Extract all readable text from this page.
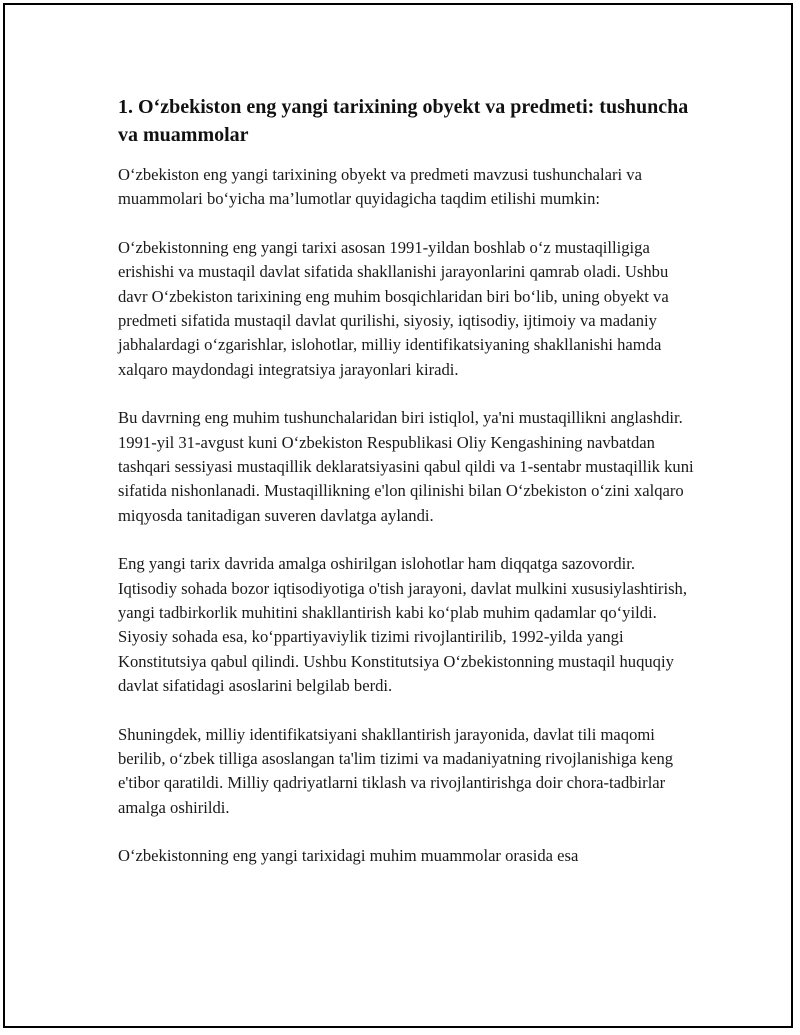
1. O‘zbekiston eng yangi tarixining obyekt va predmeti: tushuncha va muammolar

O‘zbekiston eng yangi tarixining obyekt va predmeti mavzusi tushunchalari va muammolari bo‘yicha ma’lumotlar quyidagicha taqdim etilishi mumkin:

O‘zbekistonning eng yangi tarixi asosan 1991-yildan boshlab o‘z mustaqilligiga erishishi va mustaqil davlat sifatida shakllanishi jarayonlarini qamrab oladi. Ushbu davr O‘zbekiston tarixining eng muhim bosqichlaridan biri bo‘lib, uning obyekt va predmeti sifatida mustaqil davlat qurilishi, siyosiy, iqtisodiy, ijtimoiy va madaniy jabhalardagi o‘zgarishlar, islohotlar, milliy identifikatsiyaning shakllanishi hamda xalqaro maydondagi integratsiya jarayonlari kiradi.

Bu davrning eng muhim tushunchalaridan biri istiqlol, ya'ni mustaqillikni anglashdir. 1991-yil 31-avgust kuni O‘zbekiston Respublikasi Oliy Kengashining navbatdan tashqari sessiyasi mustaqillik deklaratsiyasini qabul qildi va 1-sentabr mustaqillik kuni sifatida nishonlanadi. Mustaqillikning e'lon qilinishi bilan O‘zbekiston o‘zini xalqaro miqyosda tanitadigan suveren davlatga aylandi.

Eng yangi tarix davrida amalga oshirilgan islohotlar ham diqqatga sazovordir. Iqtisodiy sohada bozor iqtisodiyotiga o'tish jarayoni, davlat mulkini xususiylashtirish, yangi tadbirkorlik muhitini shakllantirish kabi ko‘plab muhim qadamlar qo‘yildi. Siyosiy sohada esa, ko‘ppartiyaviylik tizimi rivojlantirilib, 1992-yilda yangi Konstitutsiya qabul qilindi. Ushbu Konstitutsiya O‘zbekistonning mustaqil huquqiy davlat sifatidagi asoslarini belgilab berdi.

Shuningdek, milliy identifikatsiyani shakllantirish jarayonida, davlat tili maqomi berilib, o‘zbek tilliga asoslangan ta'lim tizimi va madaniyatning rivojlanishiga keng e'tibor qaratildi. Milliy qadriyatlarni tiklash va rivojlantirishga doir chora-tadbirlar amalga oshirildi.

O‘zbekistonning eng yangi tarixidagi muhim muammolar orasida esa
